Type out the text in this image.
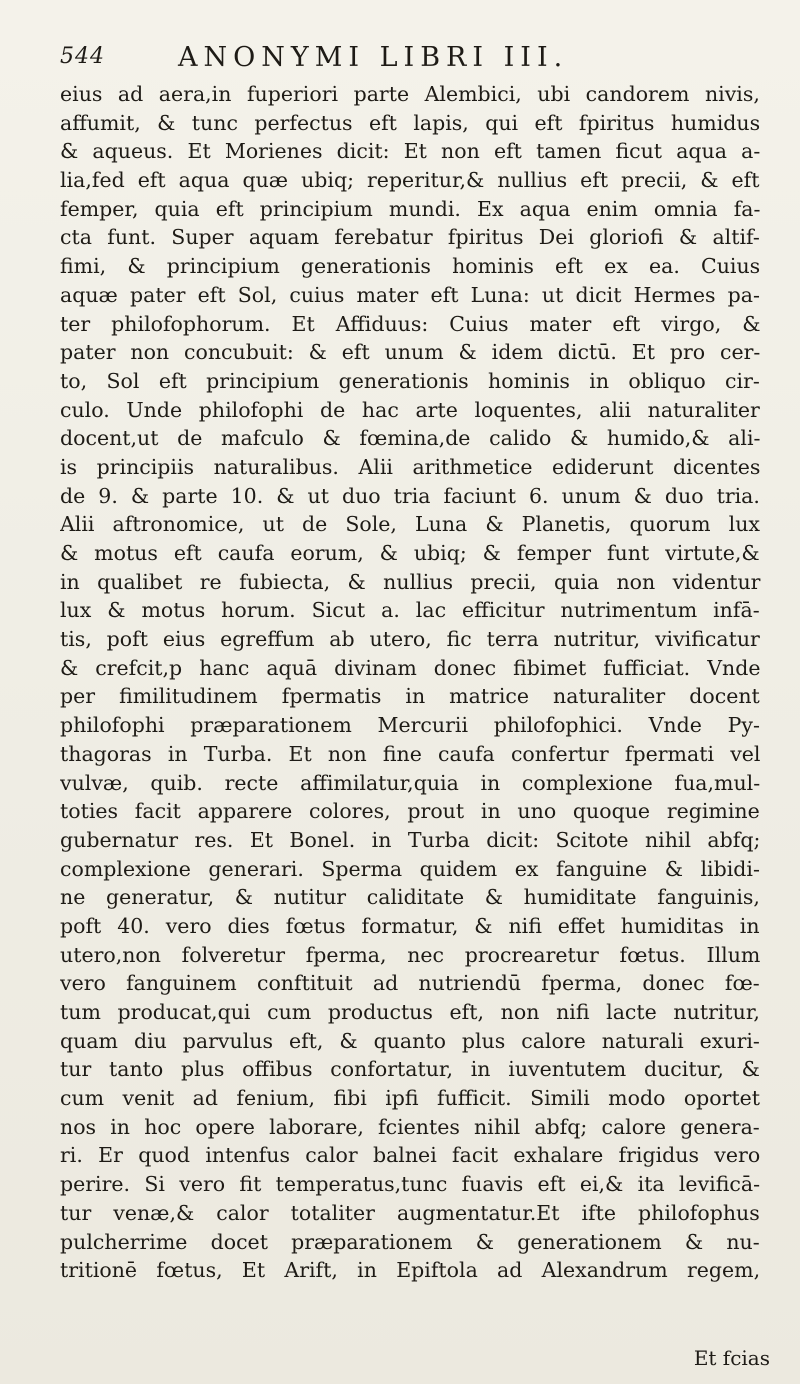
544	ANONYMI LIBRI III.
eius ad aera,in fuperiori parte Alembici, ubi candorem nivis,
affumit, & tunc perfectus eft lapis, qui eft fpiritus humidus
& aqueus. Et Morienes dicit: Et non eft tamen ficut aqua a-
lia,fed eft aqua quæ ubiq; reperitur,& nullius eft precii, & eft
femper, quia eft principium mundi. Ex aqua enim omnia fa-
cta funt. Super aquam ferebatur fpiritus Dei gloriofi & altif-
fimi, & principium generationis hominis eft ex ea. Cuius
aquæ pater eft Sol, cuius mater eft Luna: ut dicit Hermes pa-
ter philofophorum. Et Affiduus: Cuius mater eft virgo, &
pater non concubuit: & eft unum & idem dictū. Et pro cer-
to, Sol eft principium generationis hominis in obliquo cir-
culo. Unde philofophi de hac arte loquentes, alii naturaliter
docent,ut de mafculo & fœmina,de calido & humido,& ali-
is principiis naturalibus. Alii arithmetice ediderunt dicentes
de 9. & parte 10. & ut duo tria faciunt 6. unum & duo tria.
Alii aftronomice, ut de Sole, Luna & Planetis, quorum lux
& motus eft caufa eorum, & ubiq; & femper funt virtute,&
in qualibet re fubiecta, & nullius precii, quia non videntur
lux & motus horum. Sicut a. lac efficitur nutrimentum infā-
tis, poft eius egreffum ab utero, fic terra nutritur, vivificatur
& crefcit,p hanc aquā divinam donec fibimet fufficiat. Vnde
per fimilitudinem fpermatis in matrice naturaliter docent
philofophi præparationem Mercurii philofophici. Vnde Py-
thagoras in Turba. Et non fine caufa confertur fpermati vel
vulvæ, quib. recte affimilatur,quia in complexione fua,mul-
toties facit apparere colores, prout in uno quoque regimine
gubernatur res. Et Bonel. in Turba dicit: Scitote nihil abfq;
complexione generari. Sperma quidem ex fanguine & libidi-
ne generatur, & nutitur caliditate & humiditate fanguinis,
poft 40. vero dies fœtus formatur, & nifi effet humiditas in
utero,non folveretur fperma, nec procrearetur fœtus. Illum
vero fanguinem conftituit ad nutriendū fperma, donec fœ-
tum producat,qui cum productus eft, non nifi lacte nutritur,
quam diu parvulus eft, & quanto plus calore naturali exuri-
tur tanto plus offibus confortatur, in iuventutem ducitur, &
cum venit ad fenium, fibi ipfi fufficit. Simili modo oportet
nos in hoc opere laborare, fcientes nihil abfq; calore genera-
ri. Er quod intenfus calor balnei facit exhalare frigidus vero
perire. Si vero fit temperatus,tunc fuavis eft ei,& ita levificā-
tur venæ,& calor totaliter augmentatur.Et ifte philofophus
pulcherrime docet præparationem & generationem & nu-
tritionē fœtus, Et Arift, in Epiftola ad Alexandrum regem,
Et fcias
